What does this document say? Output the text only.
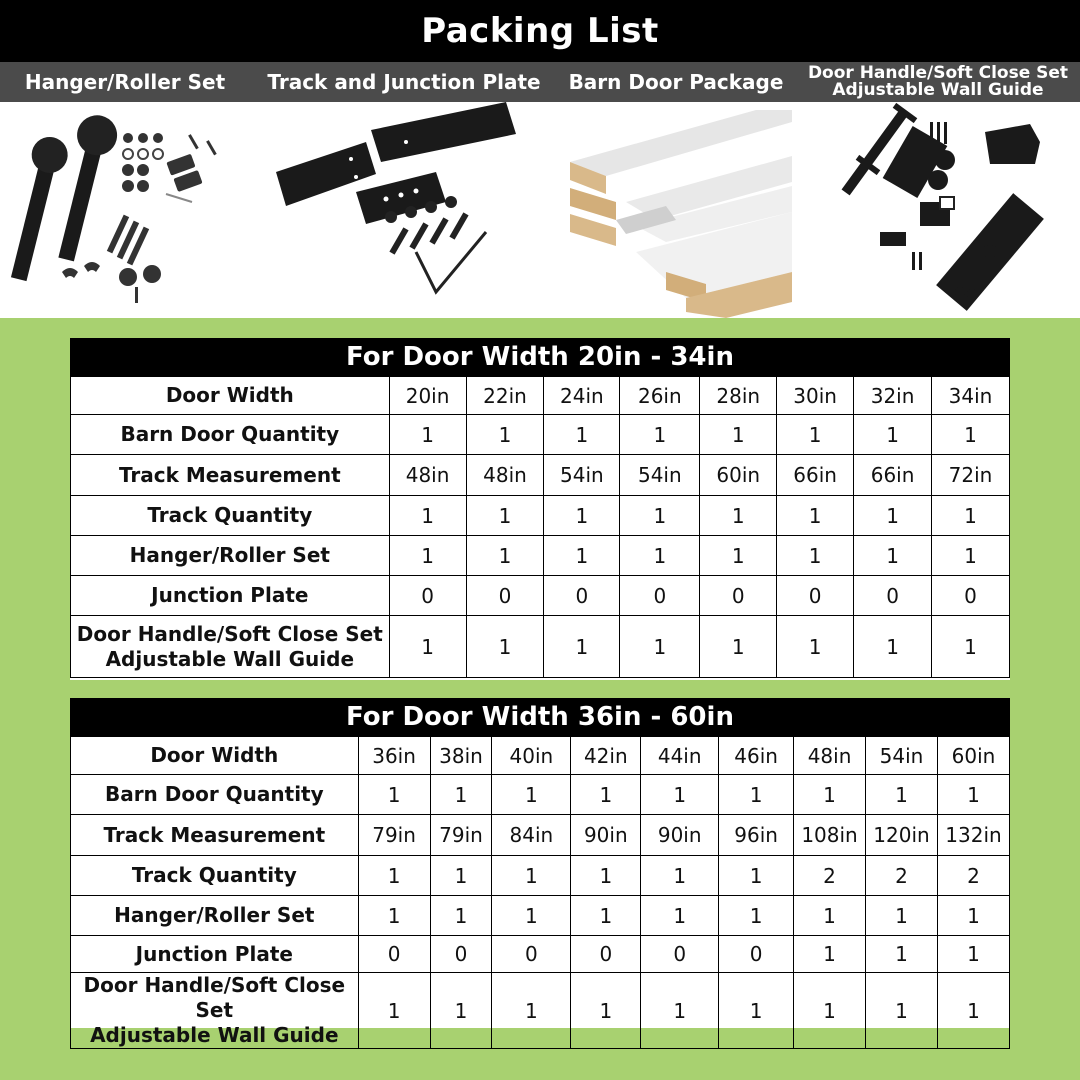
Packing List
Hanger/Roller Set	Track and Junction Plate	Barn Door Package	Door Handle/Soft Close Set
Adjustable Wall Guide
For Door Width 20in - 34in
Door Width	20in	22in	24in	26in	28in	30in	32in	34in
Barn Door Quantity	1	1	1	1	1	1	1	1
Track Measurement	48in	48in	54in	54in	60in	66in	66in	72in
Track Quantity	1	1	1	1	1	1	1	1
Hanger/Roller Set	1	1	1	1	1	1	1	1
Junction Plate	0	0	0	0	0	0	0	0
Door Handle/Soft Close Set
Adjustable Wall Guide	1	1	1	1	1	1	1	1
For Door Width 36in - 60in
Door Width	36in	38in	40in	42in	44in	46in	48in	54in	60in
Barn Door Quantity	1	1	1	1	1	1	1	1	1
Track Measurement	79in	79in	84in	90in	90in	96in	108in	120in	132in
Track Quantity	1	1	1	1	1	1	2	2	2
Hanger/Roller Set	1	1	1	1	1	1	1	1	1
Junction Plate	0	0	0	0	0	0	1	1	1
Door Handle/Soft Close Set
Adjustable Wall Guide	1	1	1	1	1	1	1	1	1
